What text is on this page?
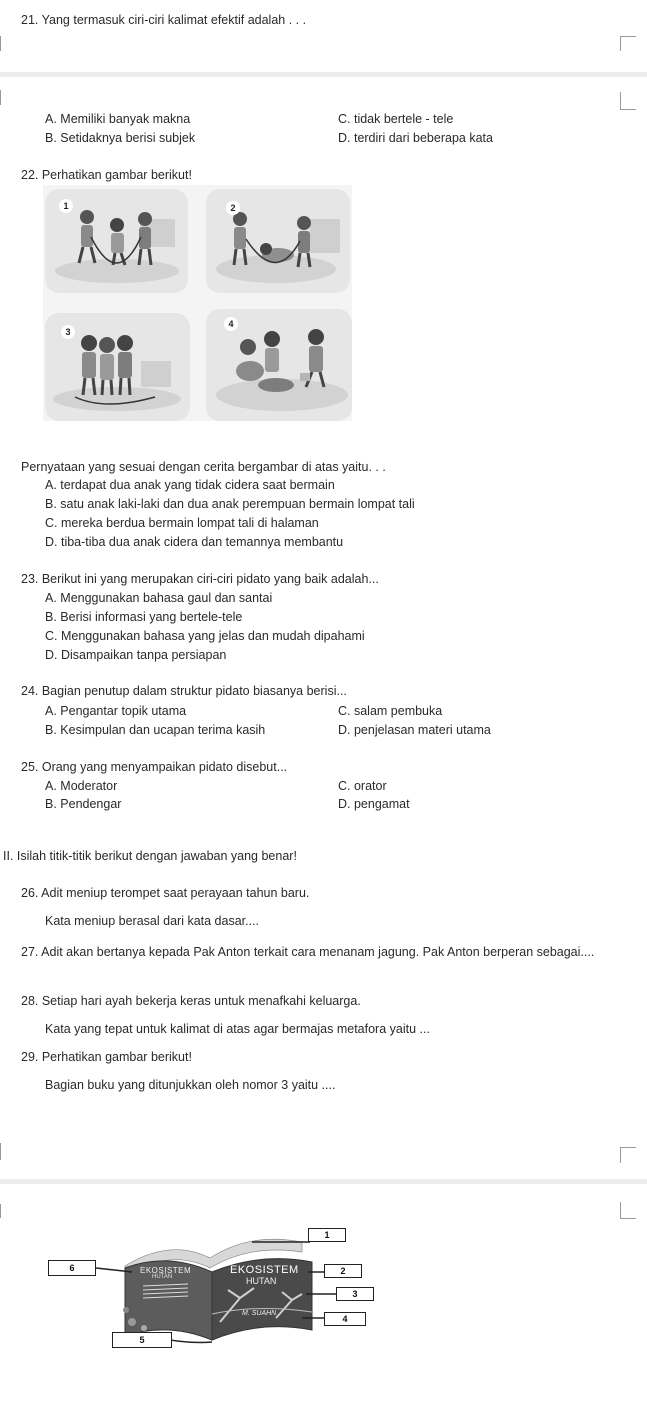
21. Yang termasuk ciri-ciri kalimat efektif adalah . . .
A. Memiliki banyak makna	C. tidak bertele - tele
B. Setidaknya berisi subjek	D. terdiri dari beberapa kata
22. Perhatikan gambar berikut!
1	2
3
4
Pernyataan yang sesuai dengan cerita bergambar di atas yaitu. . .
A. terdapat dua anak yang tidak cidera saat bermain
B. satu anak laki-laki dan dua anak perempuan bermain lompat tali
C. mereka berdua bermain lompat tali di halaman
D. tiba-tiba dua anak cidera dan temannya membantu
23. Berikut ini yang merupakan ciri-ciri pidato yang baik adalah...
A. Menggunakan bahasa gaul dan santai
B. Berisi informasi yang bertele-tele
C. Menggunakan bahasa yang jelas dan mudah dipahami
D. Disampaikan tanpa persiapan
24. Bagian penutup dalam struktur pidato biasanya berisi...
A. Pengantar topik utama	C. salam pembuka
B. Kesimpulan dan ucapan terima kasih	D. penjelasan materi utama
25. Orang yang menyampaikan pidato disebut...
A. Moderator	C. orator
B. Pendengar	D. pengamat
II. Isilah titik-titik berikut dengan jawaban yang benar!
26. Adit meniup terompet saat perayaan tahun baru.
Kata meniup berasal dari kata dasar....
27. Adit akan bertanya kepada Pak Anton terkait cara menanam jagung. Pak Anton berperan sebagai....
28. Setiap hari ayah bekerja keras untuk menafkahi keluarga.
Kata yang tepat untuk kalimat di atas agar bermajas metafora yaitu ...
29. Perhatikan gambar berikut!
Bagian buku yang ditunjukkan oleh nomor 3 yaitu ....
EKOSISTEM
HUTAN
EKOSISTEM
HUTAN
M. SUAHN
1
2
3
4
5
6
